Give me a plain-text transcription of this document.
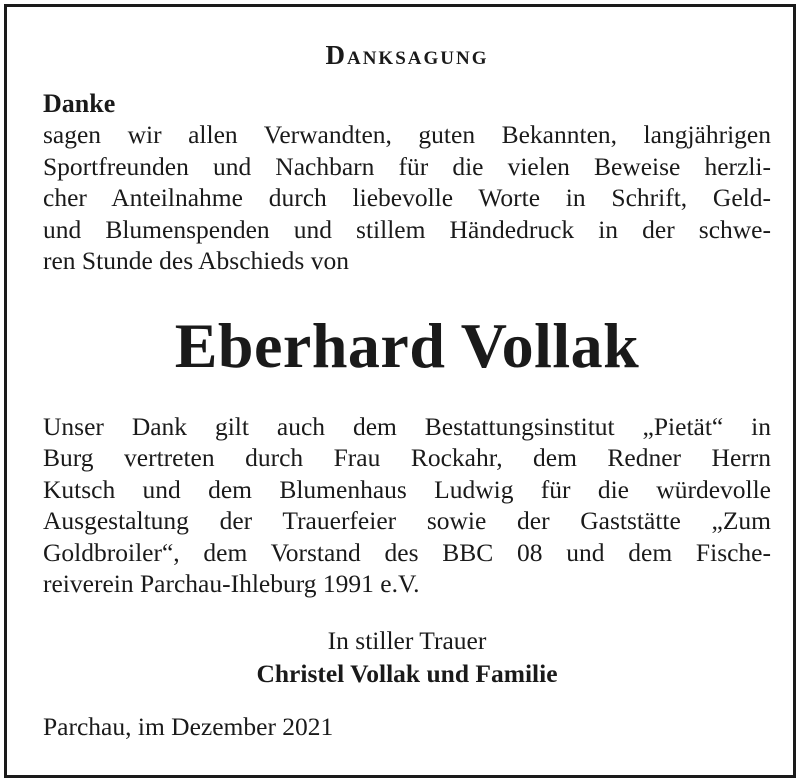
Danksagung
Danke
sagen wir allen Verwandten, guten Bekannten, langjährigen
Sportfreunden und Nachbarn für die vielen Beweise herzli-
cher Anteilnahme durch liebevolle Worte in Schrift, Geld-
und Blumenspenden und stillem Händedruck in der schwe-
ren Stunde des Abschieds von
Eberhard Vollak
Unser Dank gilt auch dem Bestattungsinstitut „Pietät“ in
Burg vertreten durch Frau Rockahr, dem Redner Herrn
Kutsch und dem Blumenhaus Ludwig für die würdevolle
Ausgestaltung der Trauerfeier sowie der Gaststätte „Zum
Goldbroiler“, dem Vorstand des BBC 08 und dem Fische-
reiverein Parchau-Ihleburg 1991 e.V.
In stiller Trauer
Christel Vollak und Familie
Parchau, im Dezember 2021
